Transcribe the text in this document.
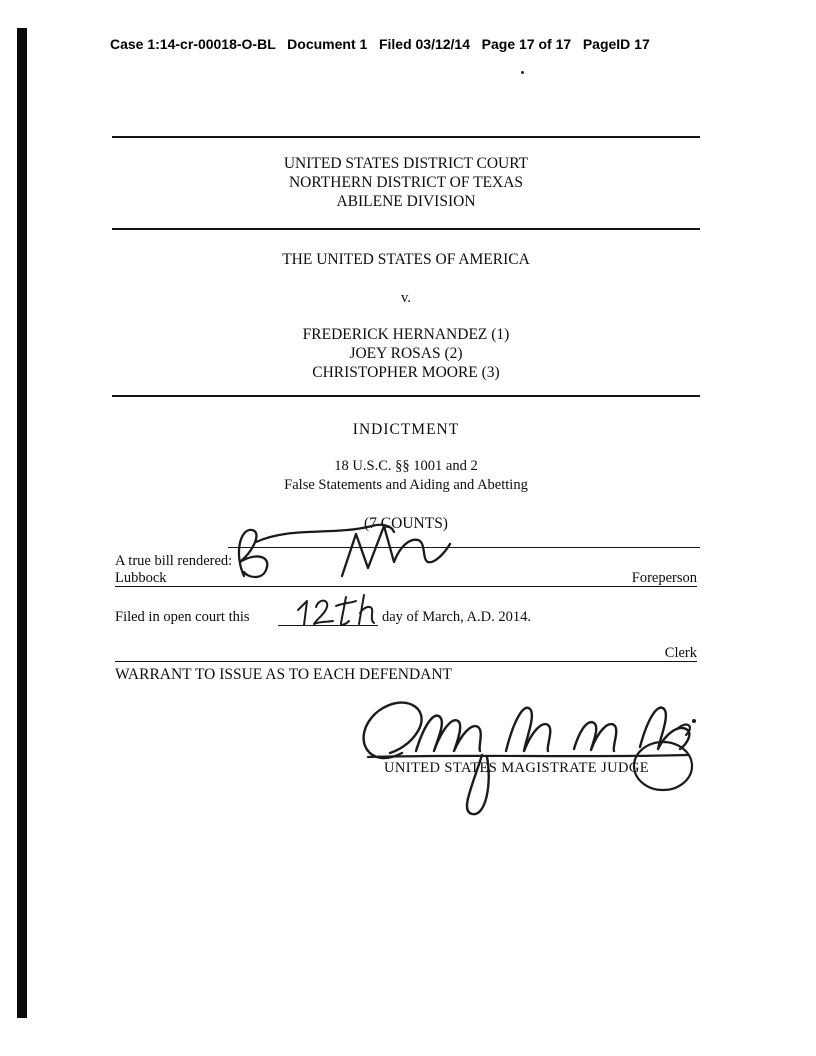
Case 1:14-cr-00018-O-BL   Document 1   Filed 03/12/14   Page 17 of 17   PageID 17
UNITED STATES DISTRICT COURT
NORTHERN DISTRICT OF TEXAS
ABILENE DIVISION
THE UNITED STATES OF AMERICA
v.
FREDERICK HERNANDEZ (1)
JOEY ROSAS (2)
CHRISTOPHER MOORE (3)
INDICTMENT
18 U.S.C. §§ 1001 and 2
False Statements and Aiding and Abetting
(7 COUNTS)
A true bill rendered:
Lubbock	Foreperson
Filed in open court this	day of March, A.D. 2014.
Clerk
WARRANT TO ISSUE AS TO EACH DEFENDANT
UNITED STATES MAGISTRATE JUDGE
